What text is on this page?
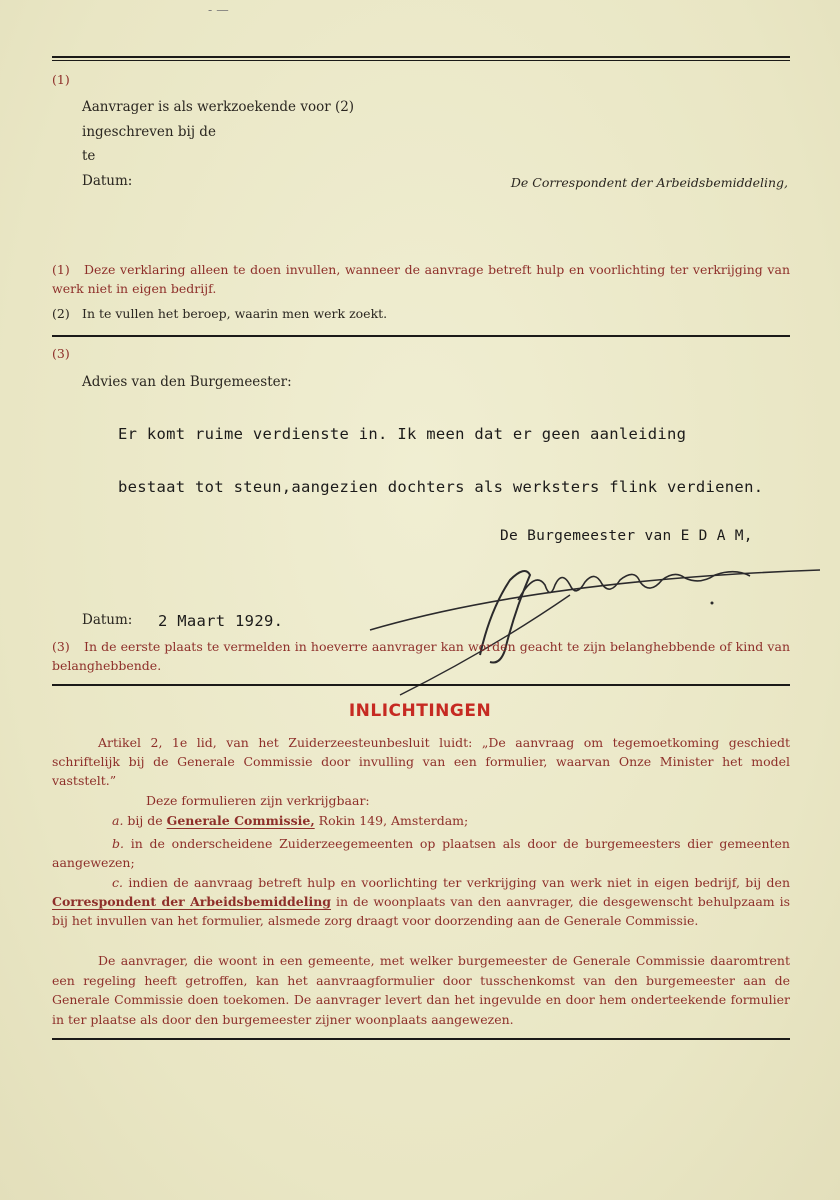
- —
(1)
Aanvrager is als werkzoekende voor (2)
ingeschreven bij de
te
Datum:	De Correspondent der Arbeidsbemiddeling,
(1)	Deze verklaring alleen te doen invullen, wanneer de aanvrage betreft hulp en voorlichting ter verkrijging van werk niet in eigen bedrijf.

(2) In te vullen het beroep, waarin men werk zoekt.
(3)
Advies van den Burgemeester:
Er komt ruime verdienste in. Ik meen dat er geen aanleiding
bestaat tot steun,aangezien dochters als werksters flink verdienen.
De Burgemeester van E D A M,
Datum: 2 Maart 1929.
(3)	In de eerste plaats te vermelden in hoeverre aanvrager kan worden geacht te zijn belanghebbende of kind van belanghebbende.

INLICHTINGEN

Artikel 2, 1e lid, van het Zuiderzeesteunbesluit luidt: „De aanvraag om tegemoetkoming geschiedt schriftelijk bij de Generale Commissie door invulling van een formulier, waarvan Onze Minister het model vaststelt.”

Deze formulieren zijn verkrijgbaar:

a. bij de Generale Commissie, Rokin 149, Amsterdam;

b. in de onderscheidene Zuiderzeegemeenten op plaatsen als door de burgemeesters dier gemeenten aangewezen;

c. indien de aanvraag betreft hulp en voorlichting ter verkrijging van werk niet in eigen bedrijf, bij den Correspondent der Arbeidsbemiddeling in de woonplaats van den aanvrager, die desgewenscht behulpzaam is bij het invullen van het formulier, alsmede zorg draagt voor doorzending aan de Generale Commissie.

De aanvrager, die woont in een gemeente, met welker burgemeester de Generale Commissie daaromtrent een regeling heeft getroffen, kan het aanvraagformulier door tusschenkomst van den burgemeester aan de Generale Commissie doen toekomen. De aanvrager levert dan het ingevulde en door hem onderteekende formulier in ter plaatse als door den burgemeester zijner woonplaats aangewezen.
